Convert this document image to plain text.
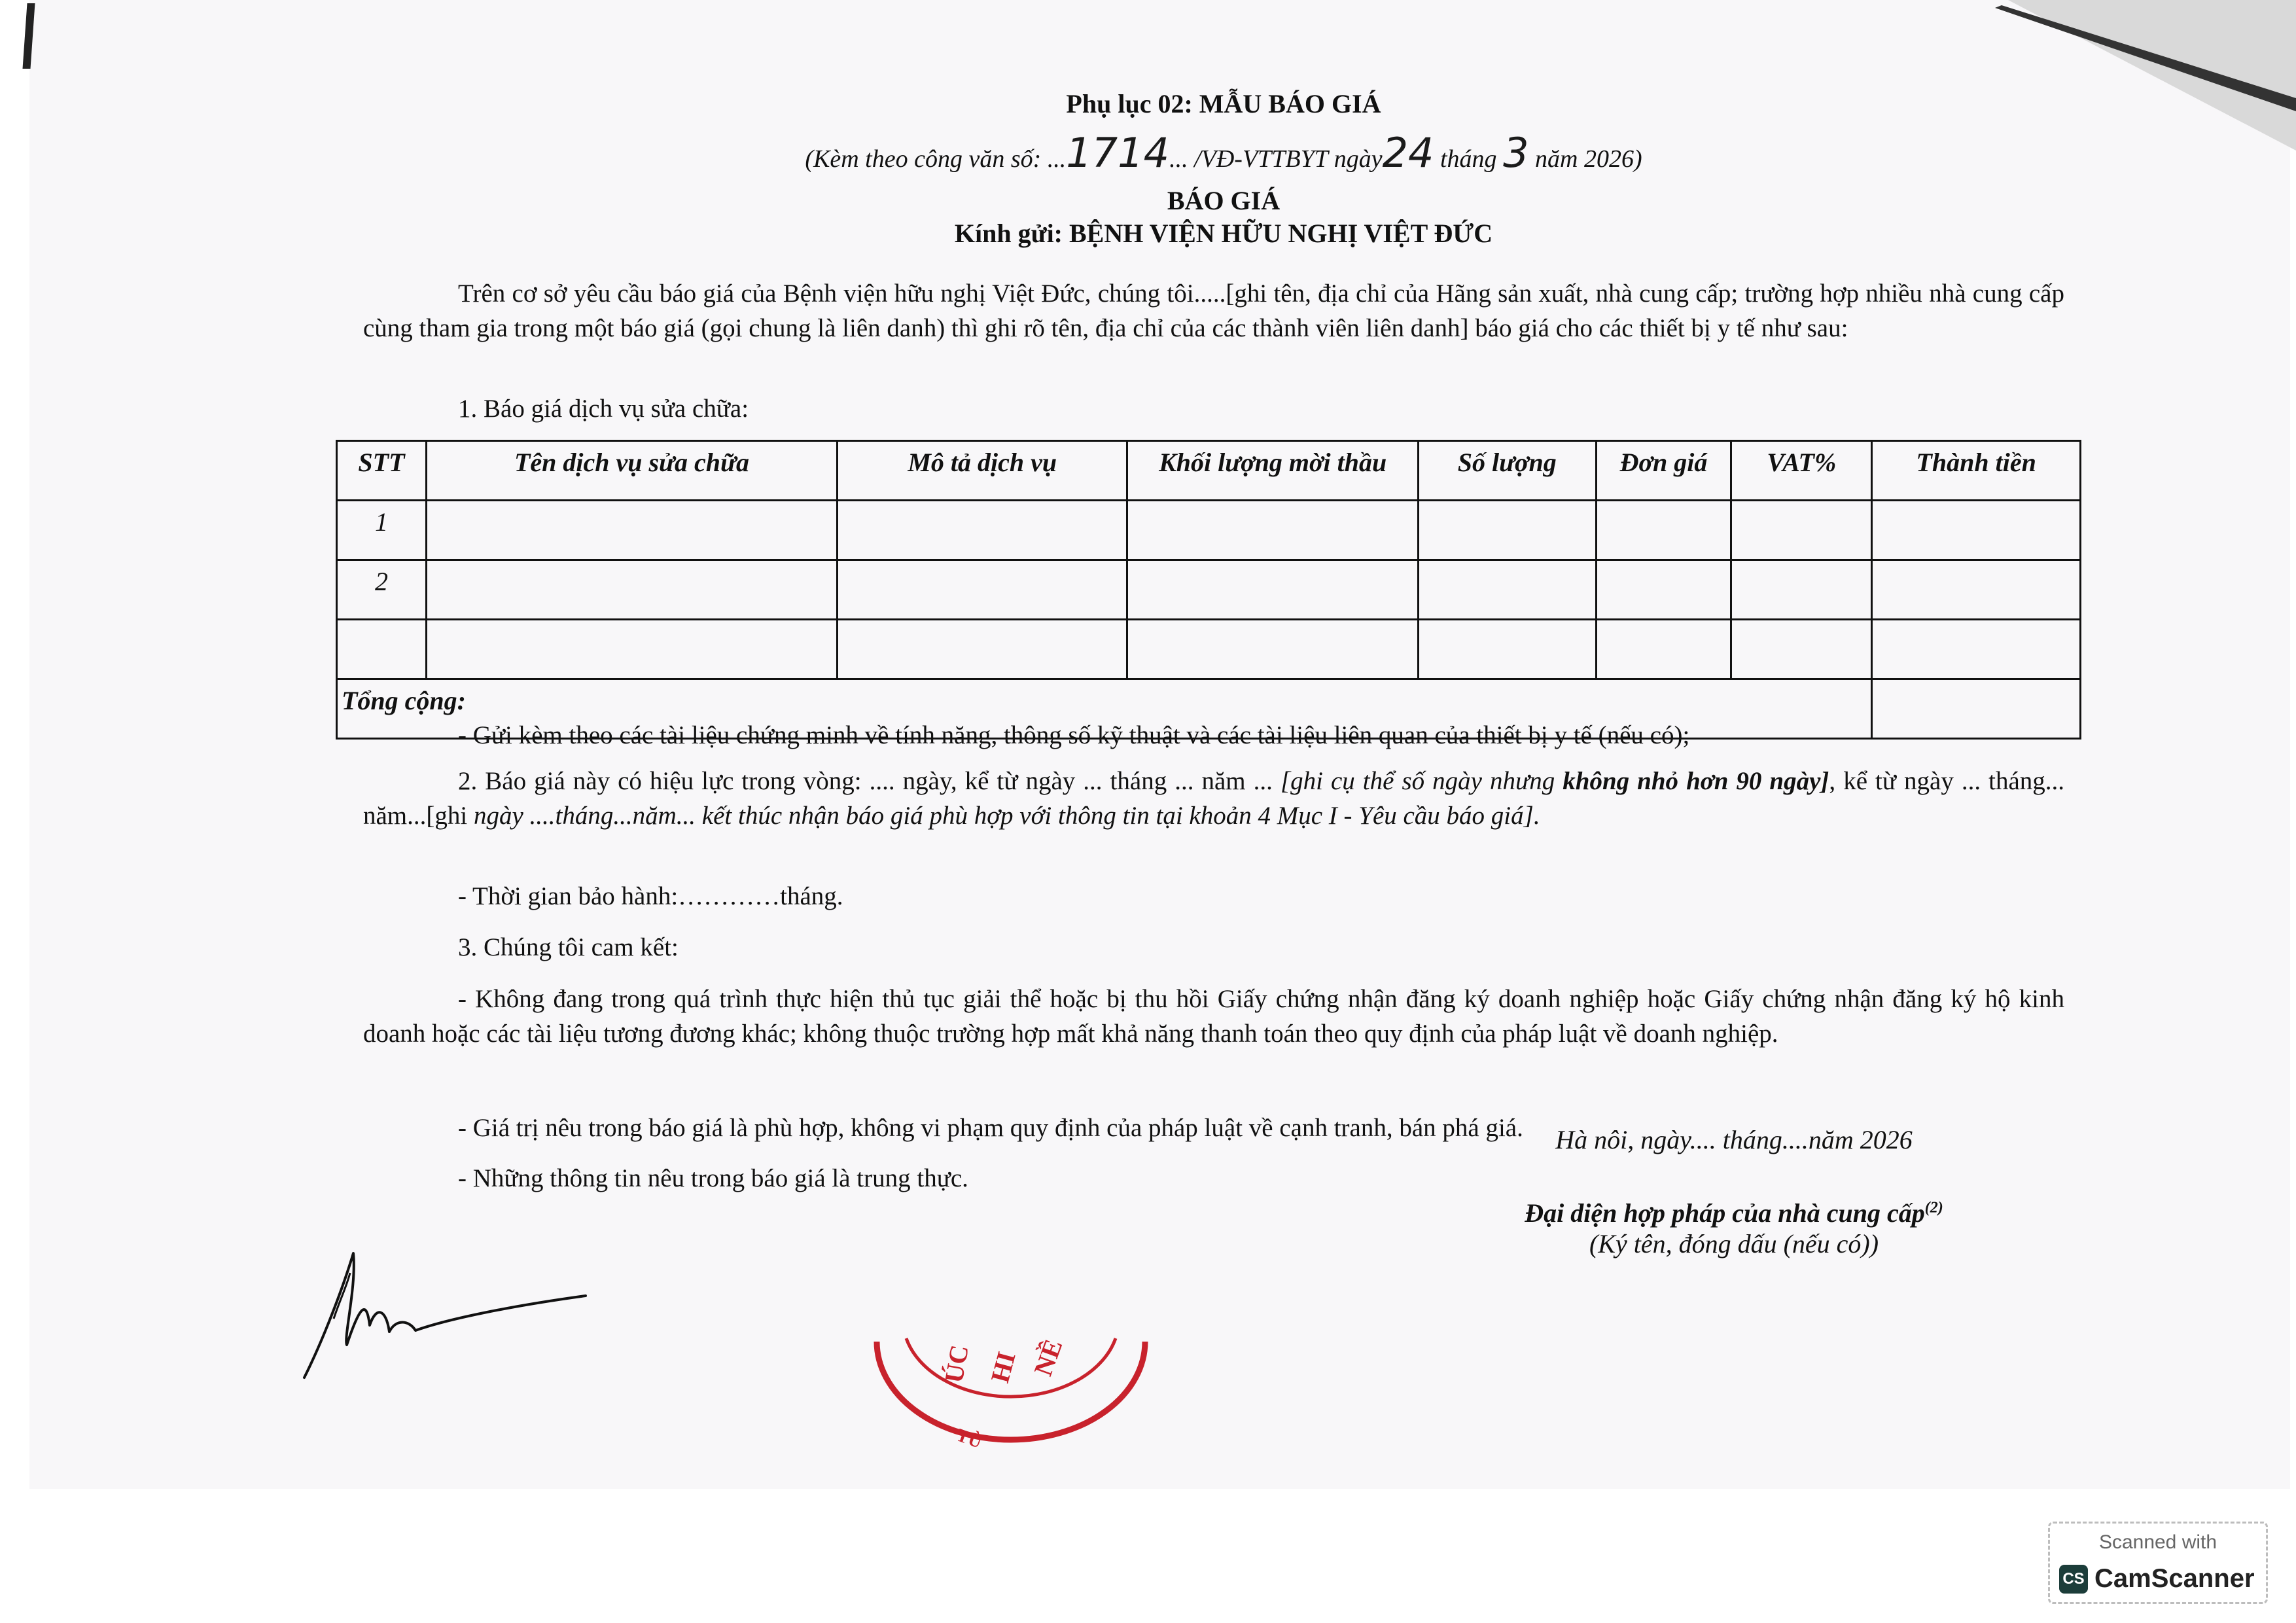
Phụ lục 02: MẪU BÁO GIÁ
(Kèm theo công văn số: ...1714... /VĐ-VTTBYT ngày24 tháng 3 năm 2026)
BÁO GIÁ
Kính gửi: BỆNH VIỆN HỮU NGHỊ VIỆT ĐỨC
Trên cơ sở yêu cầu báo giá của Bệnh viện hữu nghị Việt Đức, chúng tôi.....[ghi tên, địa chỉ của Hãng sản xuất, nhà cung cấp; trường hợp nhiều nhà cung cấp cùng tham gia trong một báo giá (gọi chung là liên danh) thì ghi rõ tên, địa chỉ của các thành viên liên danh] báo giá cho các thiết bị y tế như sau:
1. Báo giá dịch vụ sửa chữa:
STT	Tên dịch vụ sửa chữa	Mô tả dịch vụ	Khối lượng mời thầu	Số lượng	Đơn giá	VAT%	Thành tiền
1							
2							

Tổng cộng:							
- Gửi kèm theo các tài liệu chứng minh về tính năng, thông số kỹ thuật và các tài liệu liên quan của thiết bị y tế (nếu có);
2. Báo giá này có hiệu lực trong vòng: .... ngày, kể từ ngày ... tháng ... năm ... [ghi cụ thể số ngày nhưng không nhỏ hơn 90 ngày], kể từ ngày ... tháng... năm...[ghi ngày ....tháng...năm... kết thúc nhận báo giá phù hợp với thông tin tại khoản 4 Mục I - Yêu cầu báo giá].
- Thời gian bảo hành:…………tháng.
3. Chúng tôi cam kết:
- Không đang trong quá trình thực hiện thủ tục giải thể hoặc bị thu hồi Giấy chứng nhận đăng ký doanh nghiệp hoặc Giấy chứng nhận đăng ký hộ kinh doanh hoặc các tài liệu tương đương khác; không thuộc trường hợp mất khả năng thanh toán theo quy định của pháp luật về doanh nghiệp.
- Giá trị nêu trong báo giá là phù hợp, không vi phạm quy định của pháp luật về cạnh tranh, bán phá giá.
- Những thông tin nêu trong báo giá là trung thực.
Hà nôi, ngày.... tháng....năm 2026
Đại diện hợp pháp của nhà cung cấp$^{(2)}$
(Ký tên, đóng dấu (nếu có))
ÚC HI NỀ
TỪ
Scanned with
CS CamScanner
